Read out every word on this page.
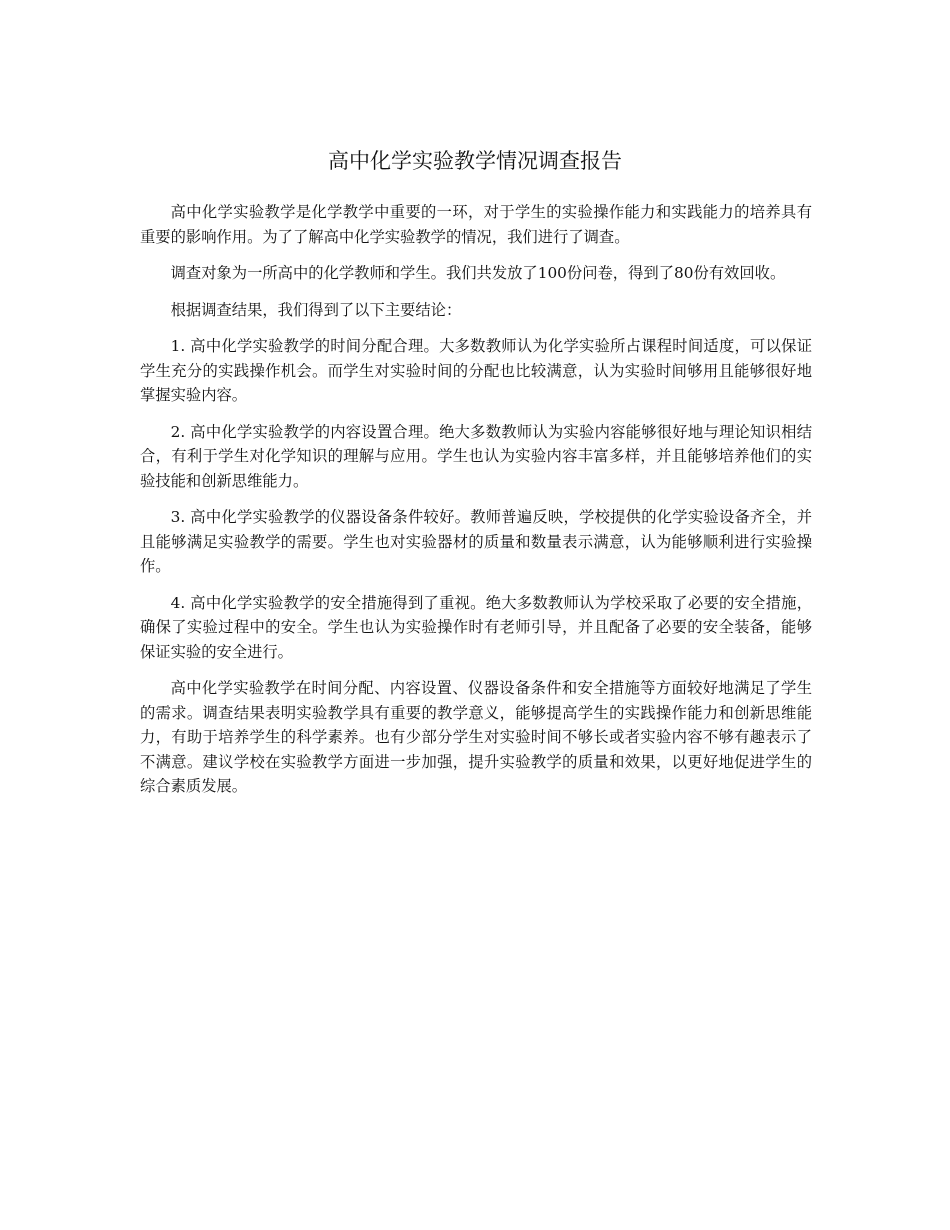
高中化学实验教学情况调查报告

高中化学实验教学是化学教学中重要的一环，对于学生的实验操作能力和实践能力的培养具有重要的影响作用。为了了解高中化学实验教学的情况，我们进行了调查。

调查对象为一所高中的化学教师和学生。我们共发放了100份问卷，得到了80份有效回收。

根据调查结果，我们得到了以下主要结论：

1. 高中化学实验教学的时间分配合理。大多数教师认为化学实验所占课程时间适度，可以保证学生充分的实践操作机会。而学生对实验时间的分配也比较满意，认为实验时间够用且能够很好地掌握实验内容。

2. 高中化学实验教学的内容设置合理。绝大多数教师认为实验内容能够很好地与理论知识相结合，有利于学生对化学知识的理解与应用。学生也认为实验内容丰富多样，并且能够培养他们的实验技能和创新思维能力。

3. 高中化学实验教学的仪器设备条件较好。教师普遍反映，学校提供的化学实验设备齐全，并且能够满足实验教学的需要。学生也对实验器材的质量和数量表示满意，认为能够顺利进行实验操作。

4. 高中化学实验教学的安全措施得到了重视。绝大多数教师认为学校采取了必要的安全措施，确保了实验过程中的安全。学生也认为实验操作时有老师引导，并且配备了必要的安全装备，能够保证实验的安全进行。

高中化学实验教学在时间分配、内容设置、仪器设备条件和安全措施等方面较好地满足了学生的需求。调查结果表明实验教学具有重要的教学意义，能够提高学生的实践操作能力和创新思维能力，有助于培养学生的科学素养。也有少部分学生对实验时间不够长或者实验内容不够有趣表示了不满意。建议学校在实验教学方面进一步加强，提升实验教学的质量和效果，以更好地促进学生的综合素质发展。
